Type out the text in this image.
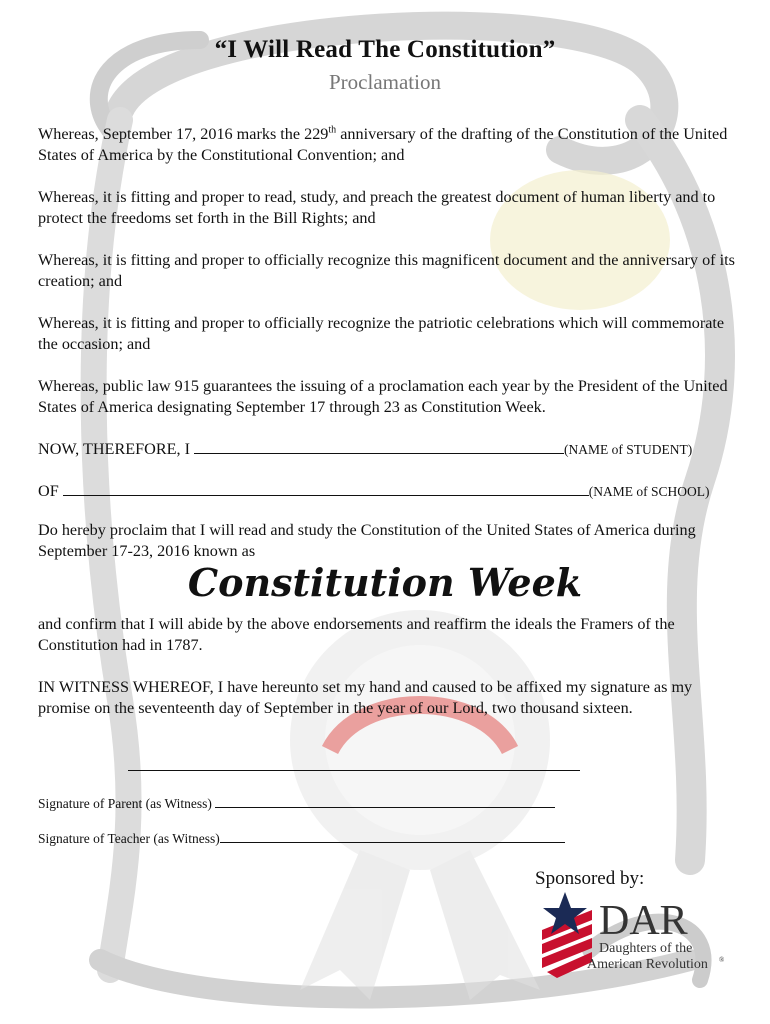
“I Will Read The Constitution”
Proclamation
Whereas, September 17, 2016 marks the 229th anniversary of the drafting of the Constitution of the United States of America by the Constitutional Convention; and
Whereas, it is fitting and proper to read, study, and preach the greatest document of human liberty and to protect the freedoms set forth in the Bill Rights; and
Whereas, it is fitting and proper to officially recognize this magnificent document and the anniversary of its creation; and
Whereas, it is fitting and proper to officially recognize the patriotic celebrations which will commemorate the occasion; and
Whereas, public law 915 guarantees the issuing of a proclamation each year by the President of the United States of America designating September 17 through 23 as Constitution Week.
NOW, THEREFORE, I	(NAME of STUDENT)
OF	(NAME of SCHOOL)
Do hereby proclaim that I will read and study the Constitution of the United States of America during September 17-23, 2016 known as
Constitution Week
and confirm that I will abide by the above endorsements and reaffirm the ideals the Framers of the Constitution had in 1787.
IN WITNESS WHEREOF, I have hereunto set my hand and caused to be affixed my signature as my promise on the seventeenth day of September in the year of our Lord, two thousand sixteen.
Signature of Parent (as Witness)
Signature of Teacher (as Witness)
Sponsored by:
DAR
Daughters of the
American Revolution ®
